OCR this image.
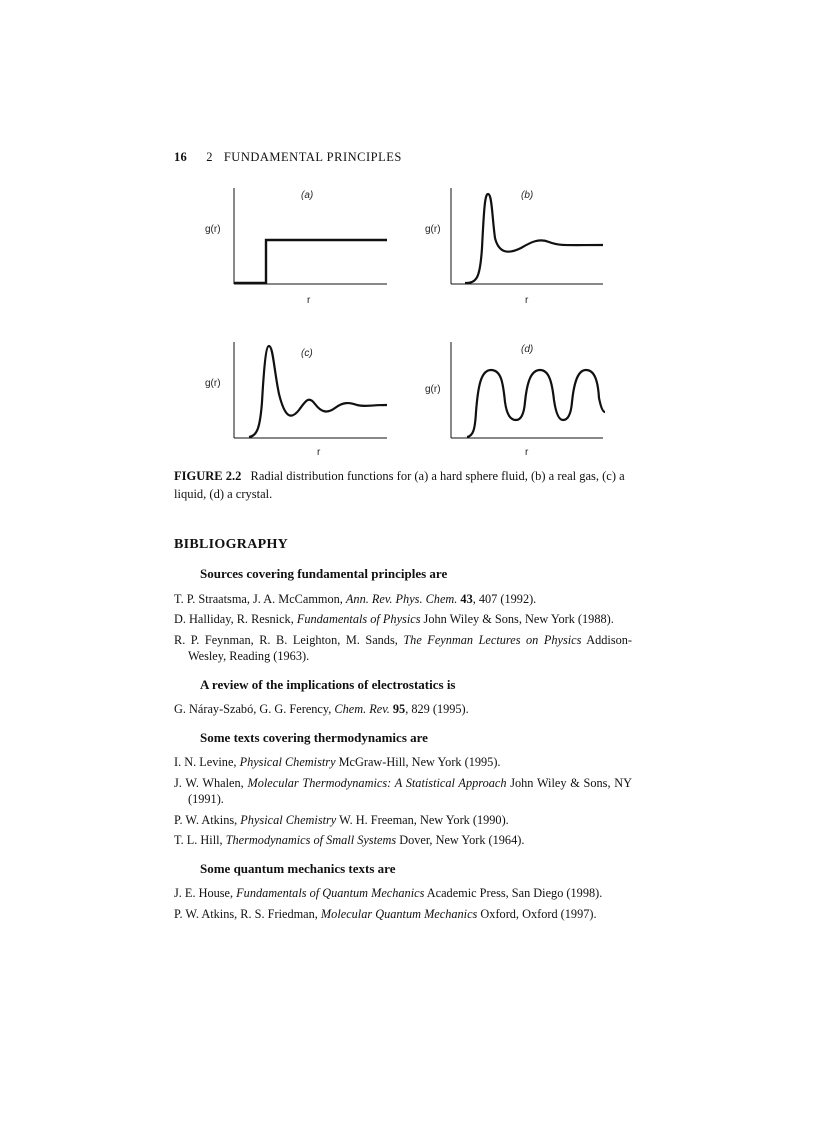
16 2   FUNDAMENTAL PRINCIPLES
g(r)
(a)
r
g(r)
(b)
r
g(r)
(c)
r
g(r)
(d)
r
FIGURE 2.2 Radial distribution functions for (a) a hard sphere fluid, (b) a real gas, (c) a liquid, (d) a crystal.
BIBLIOGRAPHY
Sources covering fundamental principles are
T. P. Straatsma, J. A. McCammon, Ann. Rev. Phys. Chem. 43, 407 (1992).
D. Halliday, R. Resnick, Fundamentals of Physics John Wiley & Sons, New York (1988).
R. P. Feynman, R. B. Leighton, M. Sands, The Feynman Lectures on Physics Addison-Wesley, Reading (1963).
A review of the implications of electrostatics is
G. Náray-Szabó, G. G. Ferency, Chem. Rev. 95, 829 (1995).
Some texts covering thermodynamics are
I. N. Levine, Physical Chemistry McGraw-Hill, New York (1995).
J. W. Whalen, Molecular Thermodynamics: A Statistical Approach John Wiley & Sons, NY (1991).
P. W. Atkins, Physical Chemistry W. H. Freeman, New York (1990).
T. L. Hill, Thermodynamics of Small Systems Dover, New York (1964).
Some quantum mechanics texts are
J. E. House, Fundamentals of Quantum Mechanics Academic Press, San Diego (1998).
P. W. Atkins, R. S. Friedman, Molecular Quantum Mechanics Oxford, Oxford (1997).
